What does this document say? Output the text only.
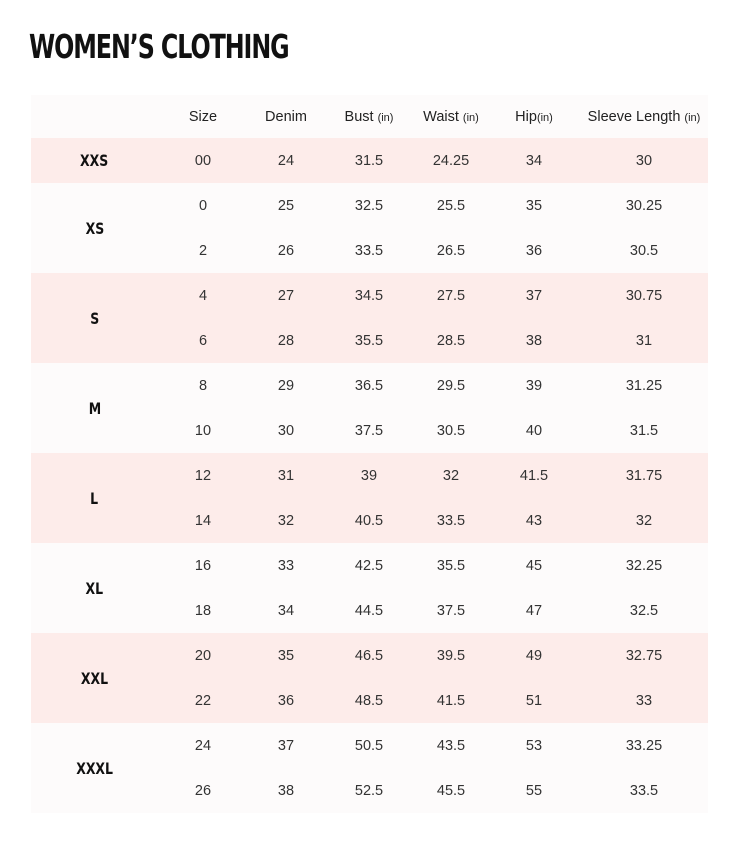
WOMEN’S CLOTHING
	Size	Denim	Bust (in)	Waist (in)	Hip(in)	Sleeve Length (in)
XXS	00	24	31.5	24.25	34	30
XS	0	25	32.5	25.5	35	30.25
	2	26	33.5	26.5	36	30.5
S	4	27	34.5	27.5	37	30.75
	6	28	35.5	28.5	38	31
M	8	29	36.5	29.5	39	31.25
	10	30	37.5	30.5	40	31.5
L	12	31	39	32	41.5	31.75
	14	32	40.5	33.5	43	32
XL	16	33	42.5	35.5	45	32.25
	18	34	44.5	37.5	47	32.5
XXL	20	35	46.5	39.5	49	32.75
	22	36	48.5	41.5	51	33
XXXL	24	37	50.5	43.5	53	33.25
	26	38	52.5	45.5	55	33.5
